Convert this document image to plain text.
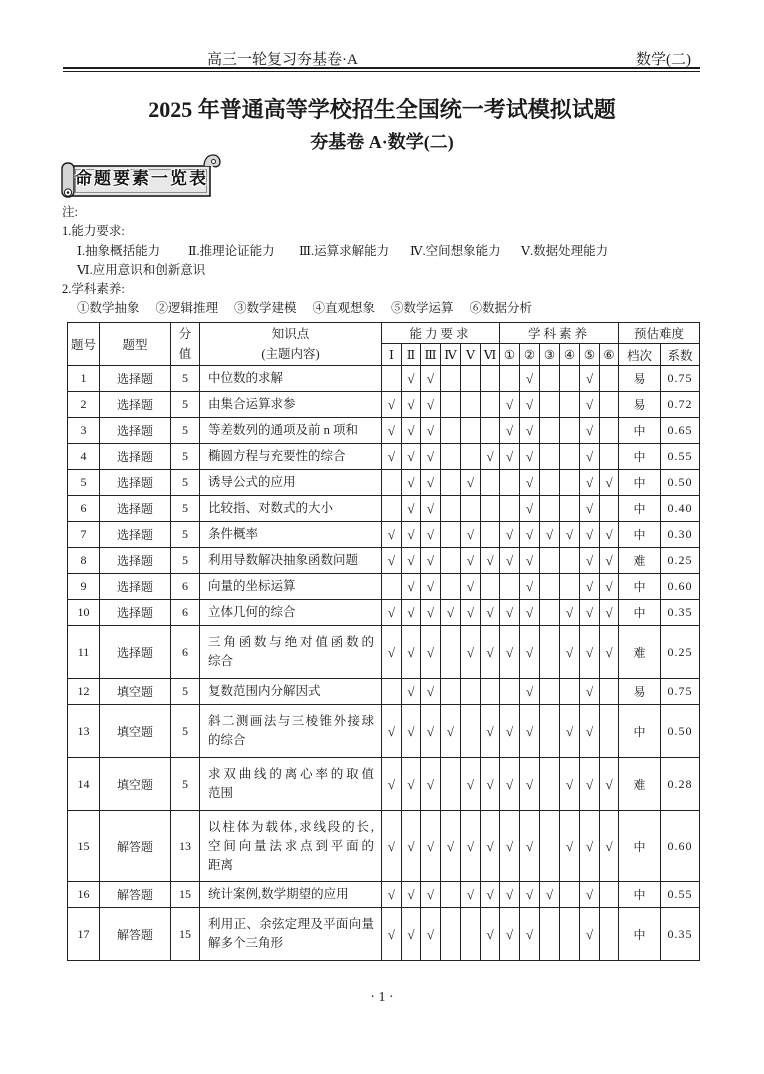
高三一轮复习夯基卷·A	数学(二)
2025 年普通高等学校招生全国统一考试模拟试题
夯基卷 A·数学(二)
命题要素一览表
注:
1.能力要求:
Ⅰ.抽象概括能力	Ⅱ.推理论证能力	Ⅲ.运算求解能力	Ⅳ.空间想象能力	Ⅴ.数据处理能力
Ⅵ.应用意识和创新意识
2.学科素养:
①数学抽象	②逻辑推理	③数学建模	④直观想象	⑤数学运算	⑥数据分析
题号	题型	分值	知识点
(主题内容)	能力要求						学科素养						预估难度	
				Ⅰ	Ⅱ	Ⅲ	Ⅳ	Ⅴ	Ⅵ	①	②	③	④	⑤	⑥	档次	系数
1	选择题	5	中位数的求解		√	√					√			√		易	0.75
2	选择题	5	由集合运算求参	√	√	√				√	√			√		易	0.72
3	选择题	5	等差数列的通项及前 n 项和	√	√	√				√	√			√		中	0.65
4	选择题	5	椭圆方程与充要性的综合	√	√	√			√	√	√			√		中	0.55
5	选择题	5	诱导公式的应用		√	√		√			√			√	√	中	0.50
6	选择题	5	比较指、对数式的大小		√	√					√			√		中	0.40
7	选择题	5	条件概率	√	√	√		√		√	√	√	√	√	√	中	0.30
8	选择题	5	利用导数解决抽象函数问题	√	√	√		√	√	√	√			√	√	难	0.25
9	选择题	6	向量的坐标运算		√	√		√			√			√	√	中	0.60
10	选择题	6	立体几何的综合	√	√	√	√	√	√	√	√		√	√	√	中	0.35
11	选择题	6	三角函数与绝对值函数的
综合	√	√	√		√	√	√	√		√	√	√	难	0.25
12	填空题	5	复数范围内分解因式		√	√					√			√		易	0.75
13	填空题	5	斜二测画法与三棱锥外接球
的综合	√	√	√	√		√	√	√		√	√		中	0.50
14	填空题	5	求双曲线的离心率的取值
范围	√	√	√		√	√	√	√		√	√	√	难	0.28
15	解答题	13	以柱体为载体,求线段的长,
空间向量法求点到平面的
距离	√	√	√	√	√	√	√	√		√	√	√	中	0.60
16	解答题	15	统计案例,数学期望的应用	√	√	√		√	√	√	√	√		√		中	0.55
17	解答题	15	利用正、余弦定理及平面向量
解多个三角形	√	√	√			√	√	√			√		中	0.35
· 1 ·
